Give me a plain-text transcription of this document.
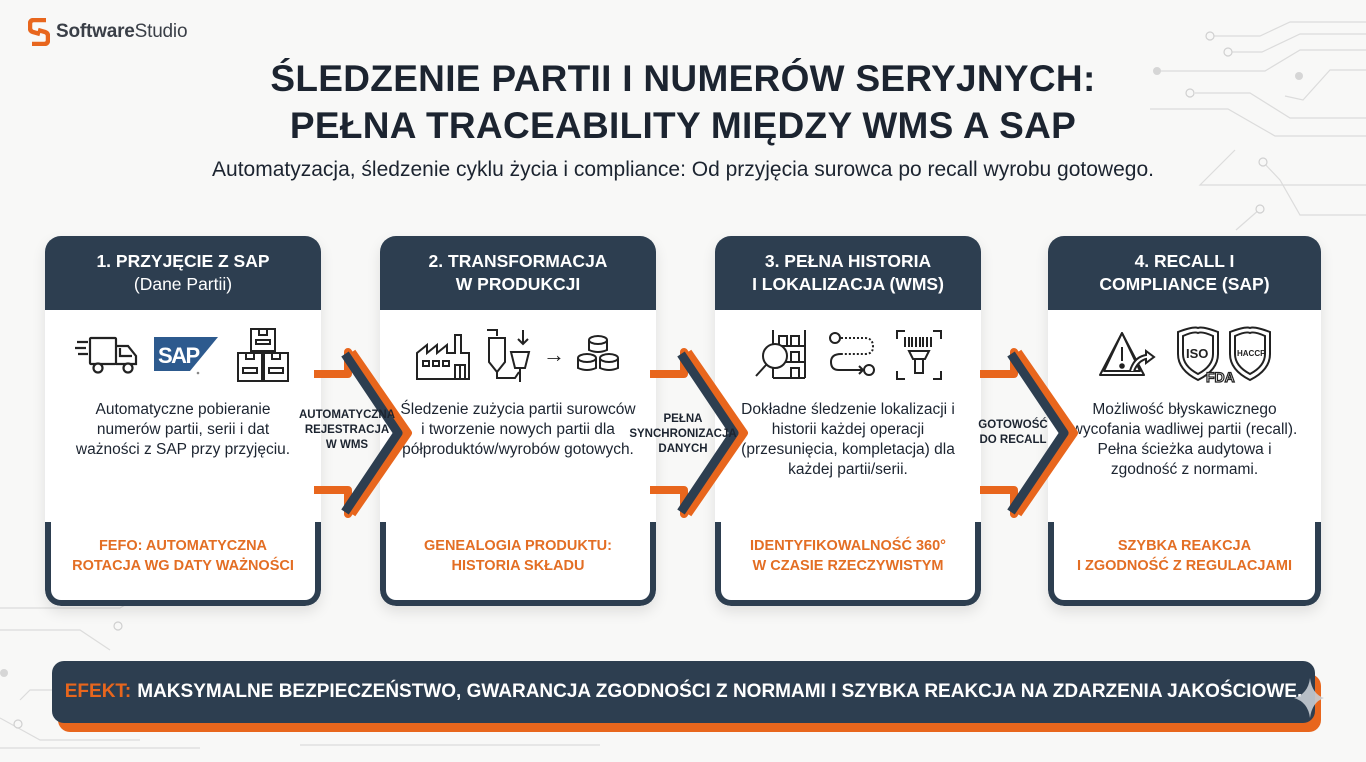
SoftwareStudio
ŚLEDZENIE PARTII I NUMERÓW SERYJNYCH:
PEŁNA TRACEABILITY MIĘDZY WMS A SAP
Automatyzacja, śledzenie cyklu życia i compliance: Od przyjęcia surowca po recall wyrobu gotowego.
1. PRZYJĘCIE Z SAP
(Dane Partii)
SAP
Automatyczne pobieranie numerów partii, serii i dat ważności z SAP przy przyjęciu.
FEFO: AUTOMATYCZNA
ROTACJA WG DATY WAŻNOŚCI
2. TRANSFORMACJA
W PRODUKCJI
→
Śledzenie zużycia partii surowców i tworzenie nowych partii dla półproduktów/wyrobów gotowych.
GENEALOGIA PRODUKTU:
HISTORIA SKŁADU
3. PEŁNA HISTORIA
I LOKALIZACJA (WMS)
Dokładne śledzenie lokalizacji i historii każdej operacji (przesunięcia, kompletacja) dla każdej partii/serii.
IDENTYFIKOWALNOŚĆ 360°
W CZASIE RZECZYWISTYM
4. RECALL I
COMPLIANCE (SAP)
ISO	HACCP
FDA
Możliwość błyskawicznego wycofania wadliwej partii (recall). Pełna ścieżka audytowa i zgodność z normami.
SZYBKA REAKCJA
I ZGODNOŚĆ Z REGULACJAMI
AUTOMATYCZNA
REJESTRACJA
W WMS
PEŁNA
SYNCHRONIZACJA
DANYCH
GOTOWOŚĆ
DO RECALL
EFEKT: MAKSYMALNE BEZPIECZEŃSTWO, GWARANCJA ZGODNOŚCI Z NORMAMI I SZYBKA REAKCJA NA ZDARZENIA JAKOŚCIOWE.
